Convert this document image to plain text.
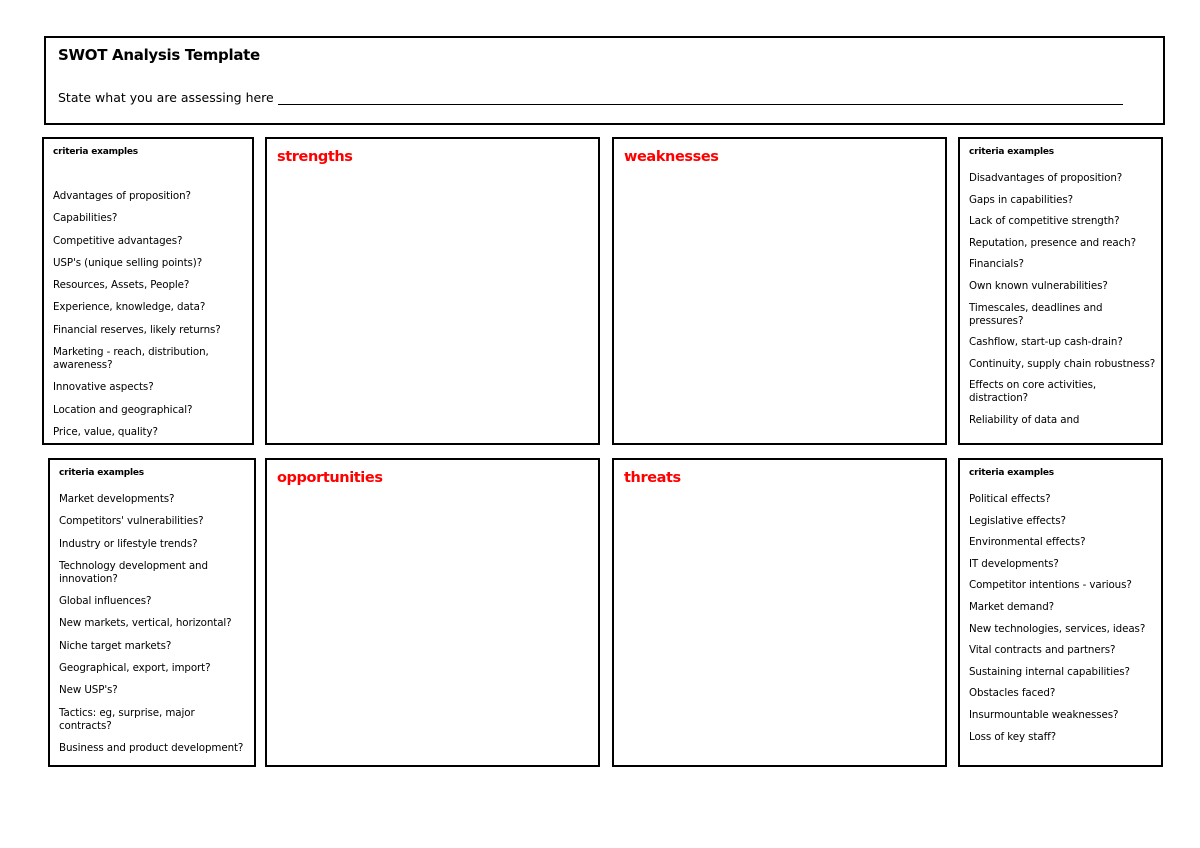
SWOT Analysis Template
State what you are assessing here
criteria examples
Advantages of proposition?
Capabilities?
Competitive advantages?
USP's (unique selling points)?
Resources, Assets, People?
Experience, knowledge, data?
Financial reserves, likely returns?
Marketing - reach, distribution, awareness?
Innovative aspects?
Location and geographical?
Price, value, quality?
strengths	weaknesses	criteria examples
Disadvantages of proposition?
Gaps in capabilities?
Lack of competitive strength?
Reputation, presence and reach?
Financials?
Own known vulnerabilities?
Timescales, deadlines and pressures?
Cashflow, start-up cash-drain?
Continuity, supply chain robustness?
Effects on core activities, distraction?
Reliability of data and
criteria examples
Market developments?
Competitors' vulnerabilities?
Industry or lifestyle trends?
Technology development and innovation?
Global influences?
New markets, vertical, horizontal?
Niche target markets?
Geographical, export, import?
New USP's?
Tactics: eg, surprise, major contracts?
Business and product development?
opportunities	threats	criteria examples
Political effects?
Legislative effects?
Environmental effects?
IT developments?
Competitor intentions - various?
Market demand?
New technologies, services, ideas?
Vital contracts and partners?
Sustaining internal capabilities?
Obstacles faced?
Insurmountable weaknesses?
Loss of key staff?
